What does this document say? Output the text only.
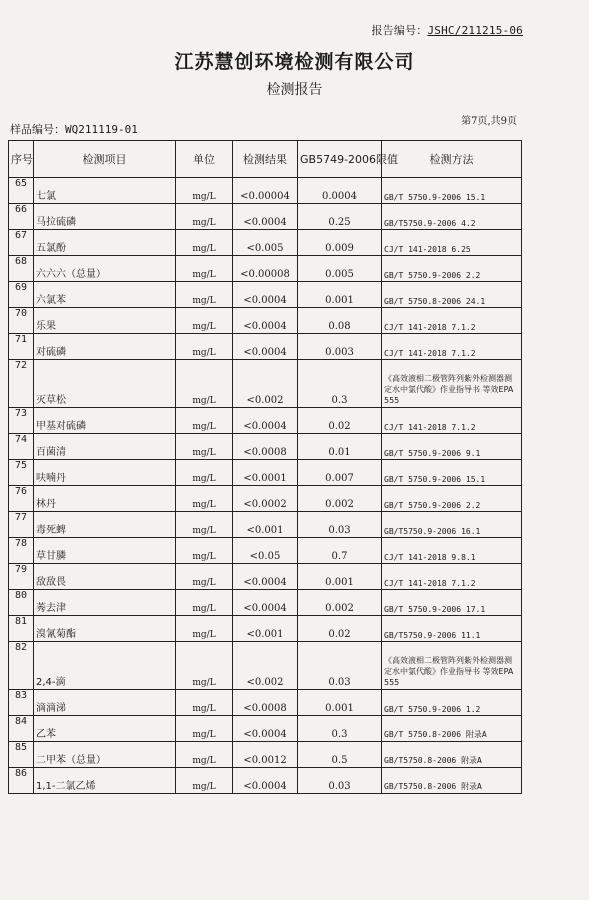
报告编号：JSHC/211215-06
江苏慧创环境检测有限公司
检测报告
第7页,共9页
样品编号：WQ211119-01
序号	检测项目	单位	检测结果	GB5749-2006限值	检测方法
65	七氯	mg/L	<0.00004	0.0004	GB/T 5750.9-2006 15.1
66	马拉硫磷	mg/L	<0.0004	0.25	GB/T5750.9-2006 4.2
67	五氯酚	mg/L	<0.005	0.009	CJ/T 141-2018 6.25
68	六六六（总量）	mg/L	<0.00008	0.005	GB/T 5750.9-2006 2.2
69	六氯苯	mg/L	<0.0004	0.001	GB/T 5750.8-2006 24.1
70	乐果	mg/L	<0.0004	0.08	CJ/T 141-2018 7.1.2
71	对硫磷	mg/L	<0.0004	0.003	CJ/T 141-2018 7.1.2
72	灭草松	mg/L	<0.002	0.3	《高效液相二极管阵列紫外检测器测定水中氯代酸》作业指导书 等效EPA 555

73	甲基对硫磷	mg/L	<0.0004	0.02	CJ/T 141-2018 7.1.2
74	百菌清	mg/L	<0.0008	0.01	GB/T 5750.9-2006 9.1
75	呋喃丹	mg/L	<0.0001	0.007	GB/T 5750.9-2006 15.1
76	林丹	mg/L	<0.0002	0.002	GB/T 5750.9-2006 2.2
77	毒死蜱	mg/L	<0.001	0.03	GB/T5750.9-2006 16.1
78	草甘膦	mg/L	<0.05	0.7	CJ/T 141-2018 9.8.1
79	敌敌畏	mg/L	<0.0004	0.001	CJ/T 141-2018 7.1.2
80	莠去津	mg/L	<0.0004	0.002	GB/T 5750.9-2006 17.1
81	溴氰菊酯	mg/L	<0.001	0.02	GB/T5750.9-2006 11.1
82	2,4-滴	mg/L	<0.002	0.03	《高效液相二极管阵列紫外检测器测定水中氯代酸》作业指导书 等效EPA 555

83	滴滴涕	mg/L	<0.0008	0.001	GB/T 5750.9-2006 1.2
84	乙苯	mg/L	<0.0004	0.3	GB/T 5750.8-2006 附录A
85	二甲苯（总量）	mg/L	<0.0012	0.5	GB/T5750.8-2006 附录A
86	1,1-二氯乙烯	mg/L	<0.0004	0.03	GB/T5750.8-2006 附录A
